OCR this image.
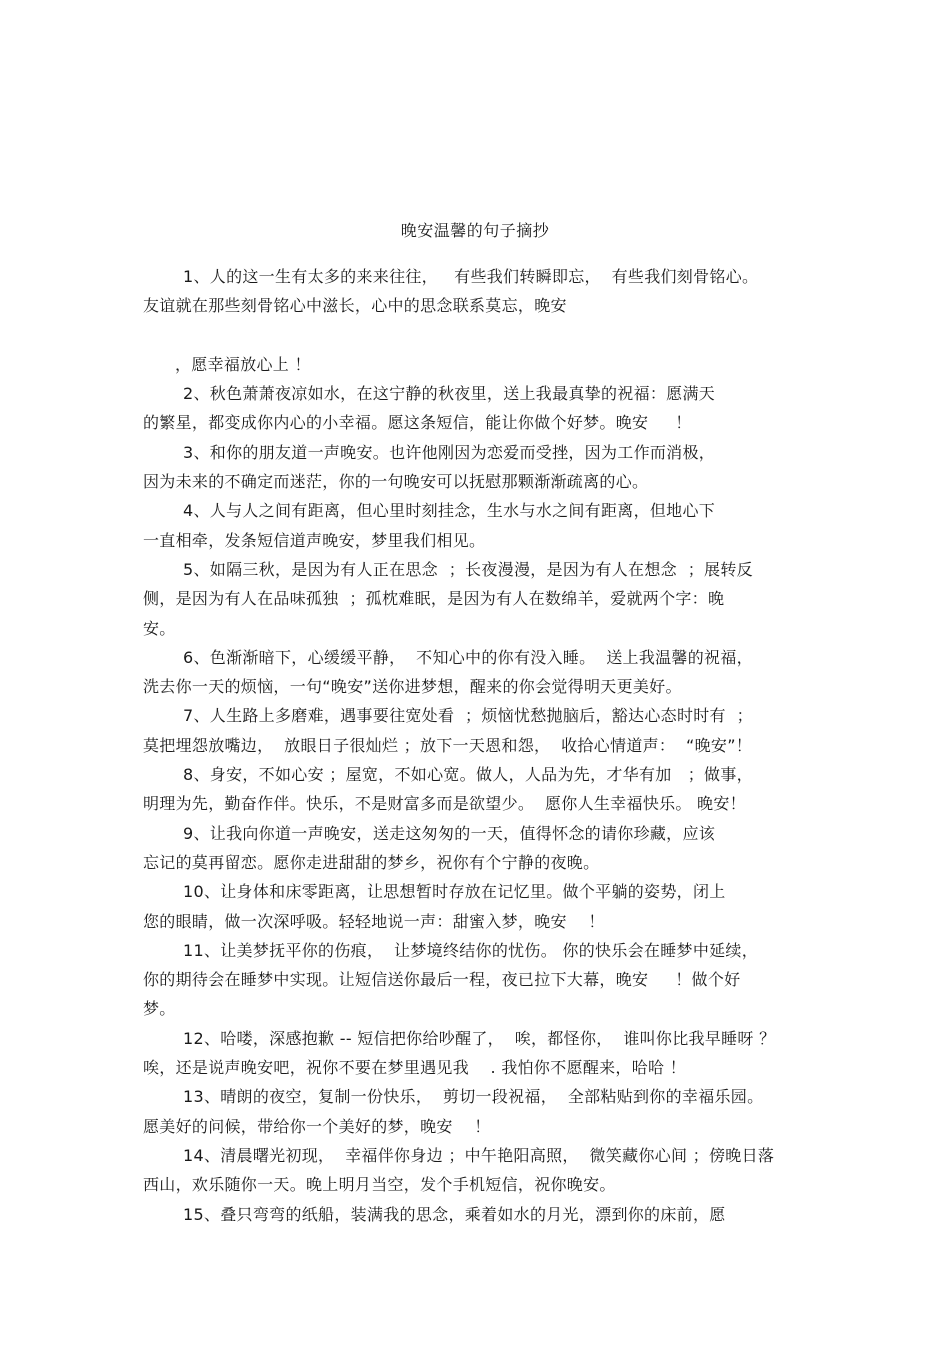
晚安温馨的句子摘抄
1、人的这一生有太多的来来往往，   有些我们转瞬即忘，  有些我们刻骨铭心。
友谊就在那些刻骨铭心中滋长，心中的思念联系莫忘，晚安
，愿幸福放心上 ！
2、秋色萧萧夜凉如水，在这宁静的秋夜里，送上我最真挚的祝福：愿满天
的繁星，都变成你内心的小幸福。愿这条短信，能让你做个好梦。晚安     ！
3、和你的朋友道一声晚安。也许他刚因为恋爱而受挫，因为工作而消极，
因为未来的不确定而迷茫，你的一句晚安可以抚慰那颗渐渐疏离的心。
4、人与人之间有距离，但心里时刻挂念，生水与水之间有距离，但地心下
一直相牵，发条短信道声晚安，梦里我们相见。
5、如隔三秋，是因为有人正在思念  ；长夜漫漫，是因为有人在想念  ；展转反
侧，是因为有人在品味孤独  ；孤枕难眠，是因为有人在数绵羊，爱就两个字：晚
安。
6、色渐渐暗下，心缓缓平静，  不知心中的你有没入睡。  送上我温馨的祝福，
洗去你一天的烦恼，一句“晚安”送你进梦想，醒来的你会觉得明天更美好。
7、人生路上多磨难，遇事要往宽处看  ；烦恼忧愁抛脑后，豁达心态时时有  ；
莫把埋怨放嘴边，  放眼日子很灿烂 ；放下一天恩和怨，  收拾心情道声：  “晚安”！
8、身安，不如心安 ；屋宽，不如心宽。做人，人品为先，才华有加   ；做事，
明理为先，勤奋作伴。快乐，不是财富多而是欲望少。  愿你人生幸福快乐。 晚安！
9、让我向你道一声晚安，送走这匆匆的一天，值得怀念的请你珍藏，应该
忘记的莫再留恋。愿你走进甜甜的梦乡，祝你有个宁静的夜晚。
10、让身体和床零距离，让思想暂时存放在记忆里。做个平躺的姿势，闭上
您的眼睛，做一次深呼吸。轻轻地说一声：甜蜜入梦，晚安    ！
11、让美梦抚平你的伤痕，  让梦境终结你的忧伤。 你的快乐会在睡梦中延续，
你的期待会在睡梦中实现。让短信送你最后一程，夜已拉下大幕，晚安     ！做个好
梦。
12、哈喽，深感抱歉 -- 短信把你给吵醒了，  唉，都怪你，  谁叫你比我早睡呀 ？
唉，还是说声晚安吧，祝你不要在梦里遇见我    . 我怕你不愿醒来，哈哈 ！
13、晴朗的夜空，复制一份快乐，  剪切一段祝福，  全部粘贴到你的幸福乐园。
愿美好的问候，带给你一个美好的梦，晚安    ！
14、清晨曙光初现，  幸福伴你身边 ；中午艳阳高照，  微笑藏你心间 ；傍晚日落
西山，欢乐随你一天。晚上明月当空，发个手机短信，祝你晚安。
15、叠只弯弯的纸船，装满我的思念，乘着如水的月光，漂到你的床前，愿
